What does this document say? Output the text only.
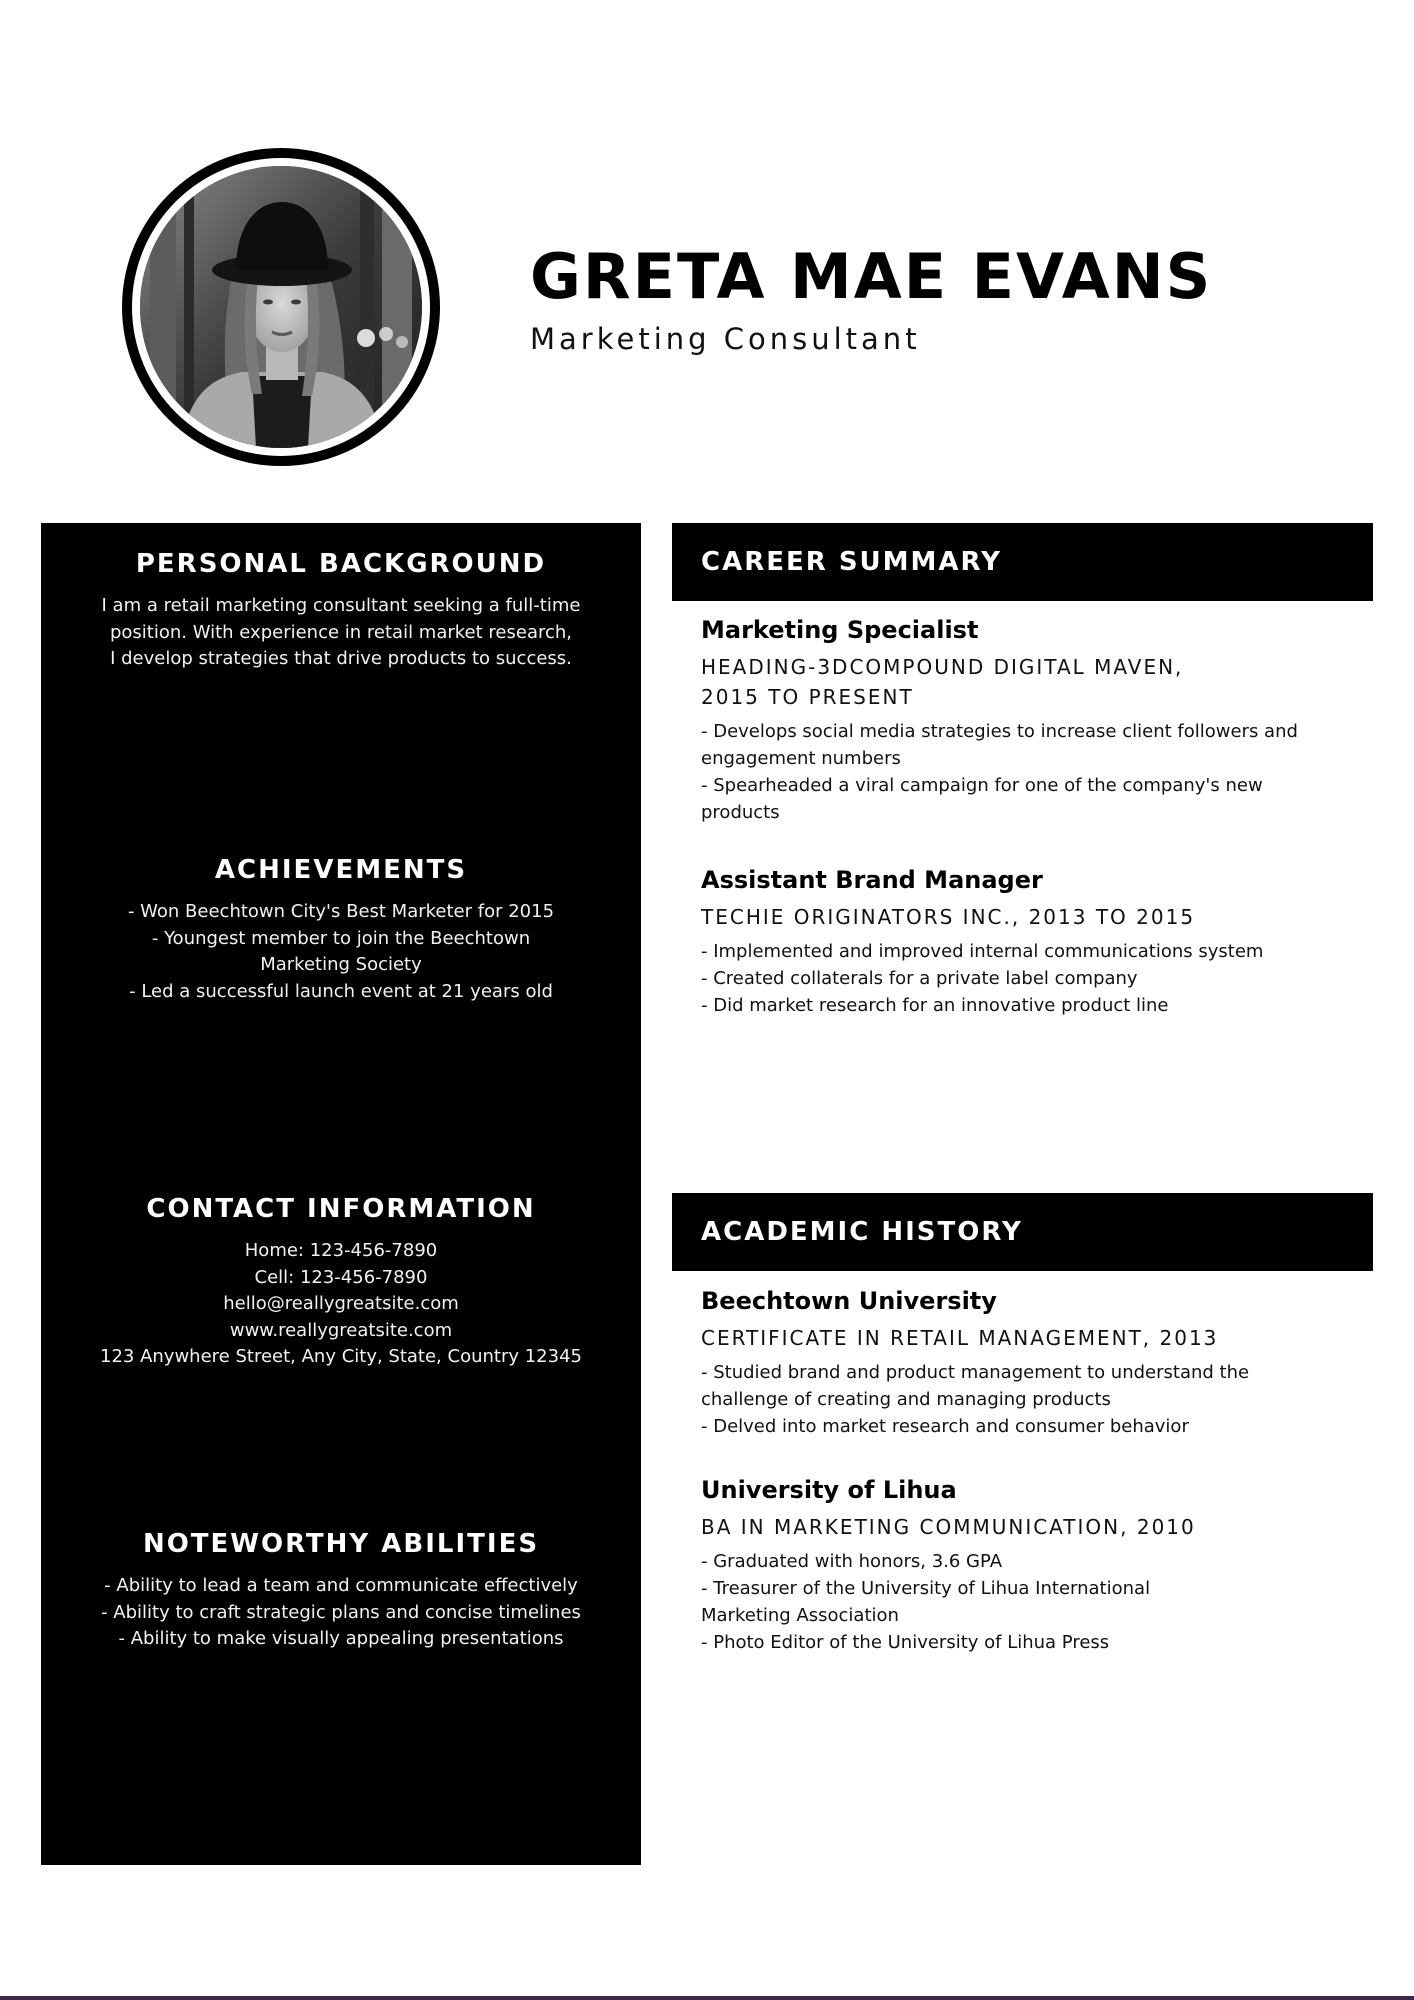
GRETA MAE EVANS
Marketing Consultant
PERSONAL BACKGROUND
I am a retail marketing consultant seeking a full-time
position. With experience in retail market research,
I develop strategies that drive products to success.
ACHIEVEMENTS
- Won Beechtown City's Best Marketer for 2015
- Youngest member to join the Beechtown
Marketing Society
- Led a successful launch event at 21 years old
CONTACT INFORMATION
Home: 123-456-7890
Cell: 123-456-7890
hello@reallygreatsite.com
www.reallygreatsite.com
123 Anywhere Street, Any City, State, Country 12345
NOTEWORTHY ABILITIES
- Ability to lead a team and communicate effectively
- Ability to craft strategic plans and concise timelines
- Ability to make visually appealing presentations
CAREER SUMMARY
Marketing Specialist
HEADING-3DCOMPOUND DIGITAL MAVEN,
2015 TO PRESENT
- Develops social media strategies to increase client followers and
engagement numbers
- Spearheaded a viral campaign for one of the company's new
products
Assistant Brand Manager
TECHIE ORIGINATORS INC., 2013 TO 2015
- Implemented and improved internal communications system
- Created collaterals for a private label company
- Did market research for an innovative product line
ACADEMIC HISTORY
Beechtown University
CERTIFICATE IN RETAIL MANAGEMENT, 2013
- Studied brand and product management to understand the
challenge of creating and managing products
- Delved into market research and consumer behavior
University of Lihua
BA IN MARKETING COMMUNICATION, 2010
- Graduated with honors, 3.6 GPA
- Treasurer of the University of Lihua International
Marketing Association
- Photo Editor of the University of Lihua Press
